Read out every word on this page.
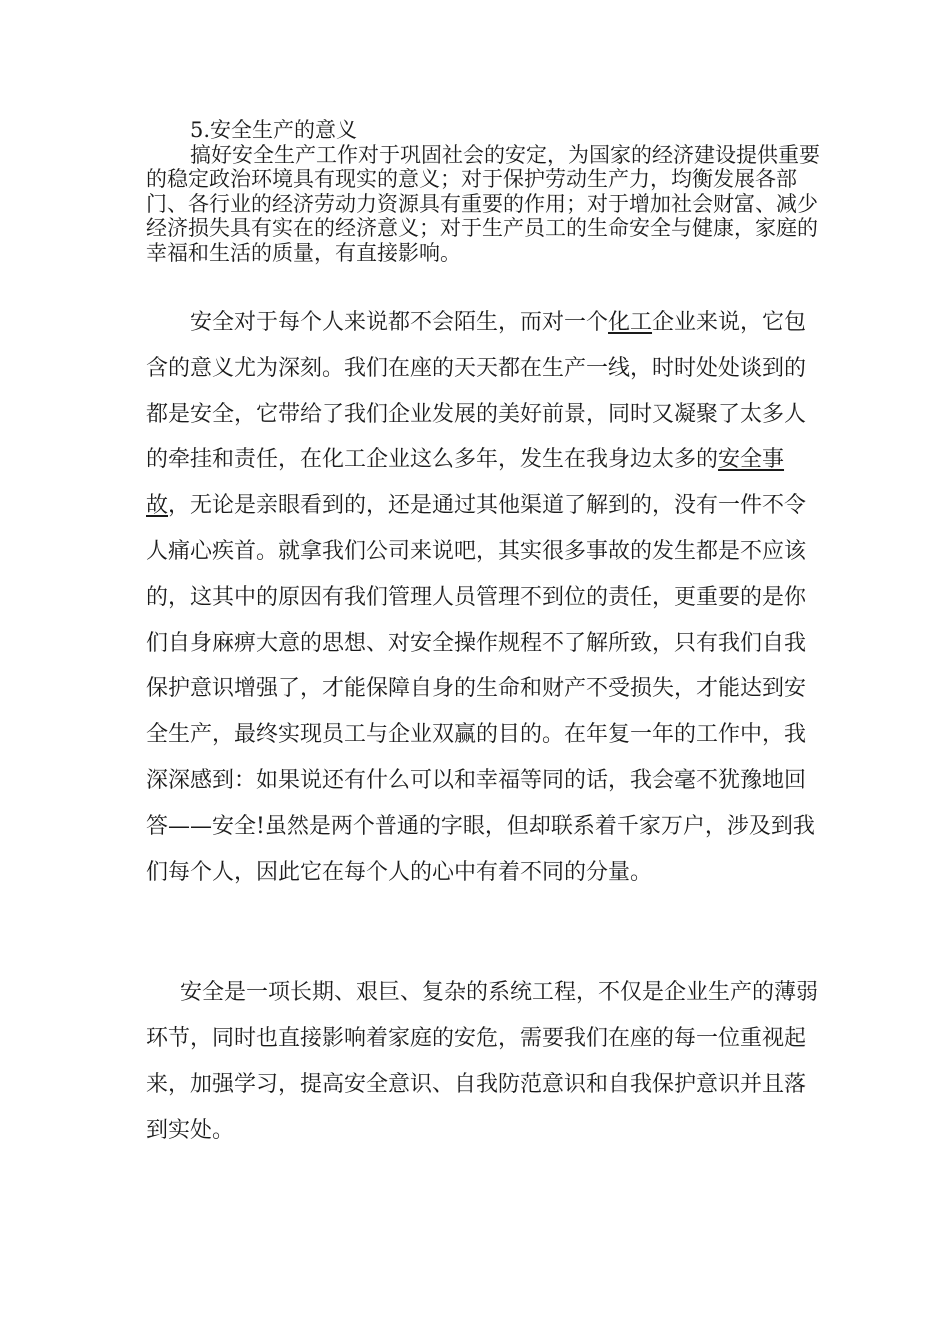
5.安全生产的意义

搞好安全生产工作对于巩固社会的安定，为国家的经济建设提供重要的稳定政治环境具有现实的意义；对于保护劳动生产力，均衡发展各部门、各行业的经济劳动力资源具有重要的作用；对于增加社会财富、减少经济损失具有实在的经济意义；对于生产员工的生命安全与健康，家庭的幸福和生活的质量，有直接影响。

安全对于每个人来说都不会陌生，而对一个化工企业来说，它包含的意义尤为深刻。我们在座的天天都在生产一线，时时处处谈到的都是安全，它带给了我们企业发展的美好前景，同时又凝聚了太多人的牵挂和责任，在化工企业这么多年，发生在我身边太多的安全事故，无论是亲眼看到的，还是通过其他渠道了解到的，没有一件不令人痛心疾首。就拿我们公司来说吧，其实很多事故的发生都是不应该的，这其中的原因有我们管理人员管理不到位的责任，更重要的是你们自身麻痹大意的思想、对安全操作规程不了解所致，只有我们自我保护意识增强了，才能保障自身的生命和财产不受损失，才能达到安全生产，最终实现员工与企业双赢的目的。在年复一年的工作中，我深深感到：如果说还有什么可以和幸福等同的话，我会毫不犹豫地回答——安全!虽然是两个普通的字眼，但却联系着千家万户，涉及到我们每个人，因此它在每个人的心中有着不同的分量。

安全是一项长期、艰巨、复杂的系统工程，不仅是企业生产的薄弱环节，同时也直接影响着家庭的安危，需要我们在座的每一位重视起来，加强学习，提高安全意识、自我防范意识和自我保护意识并且落到实处。
